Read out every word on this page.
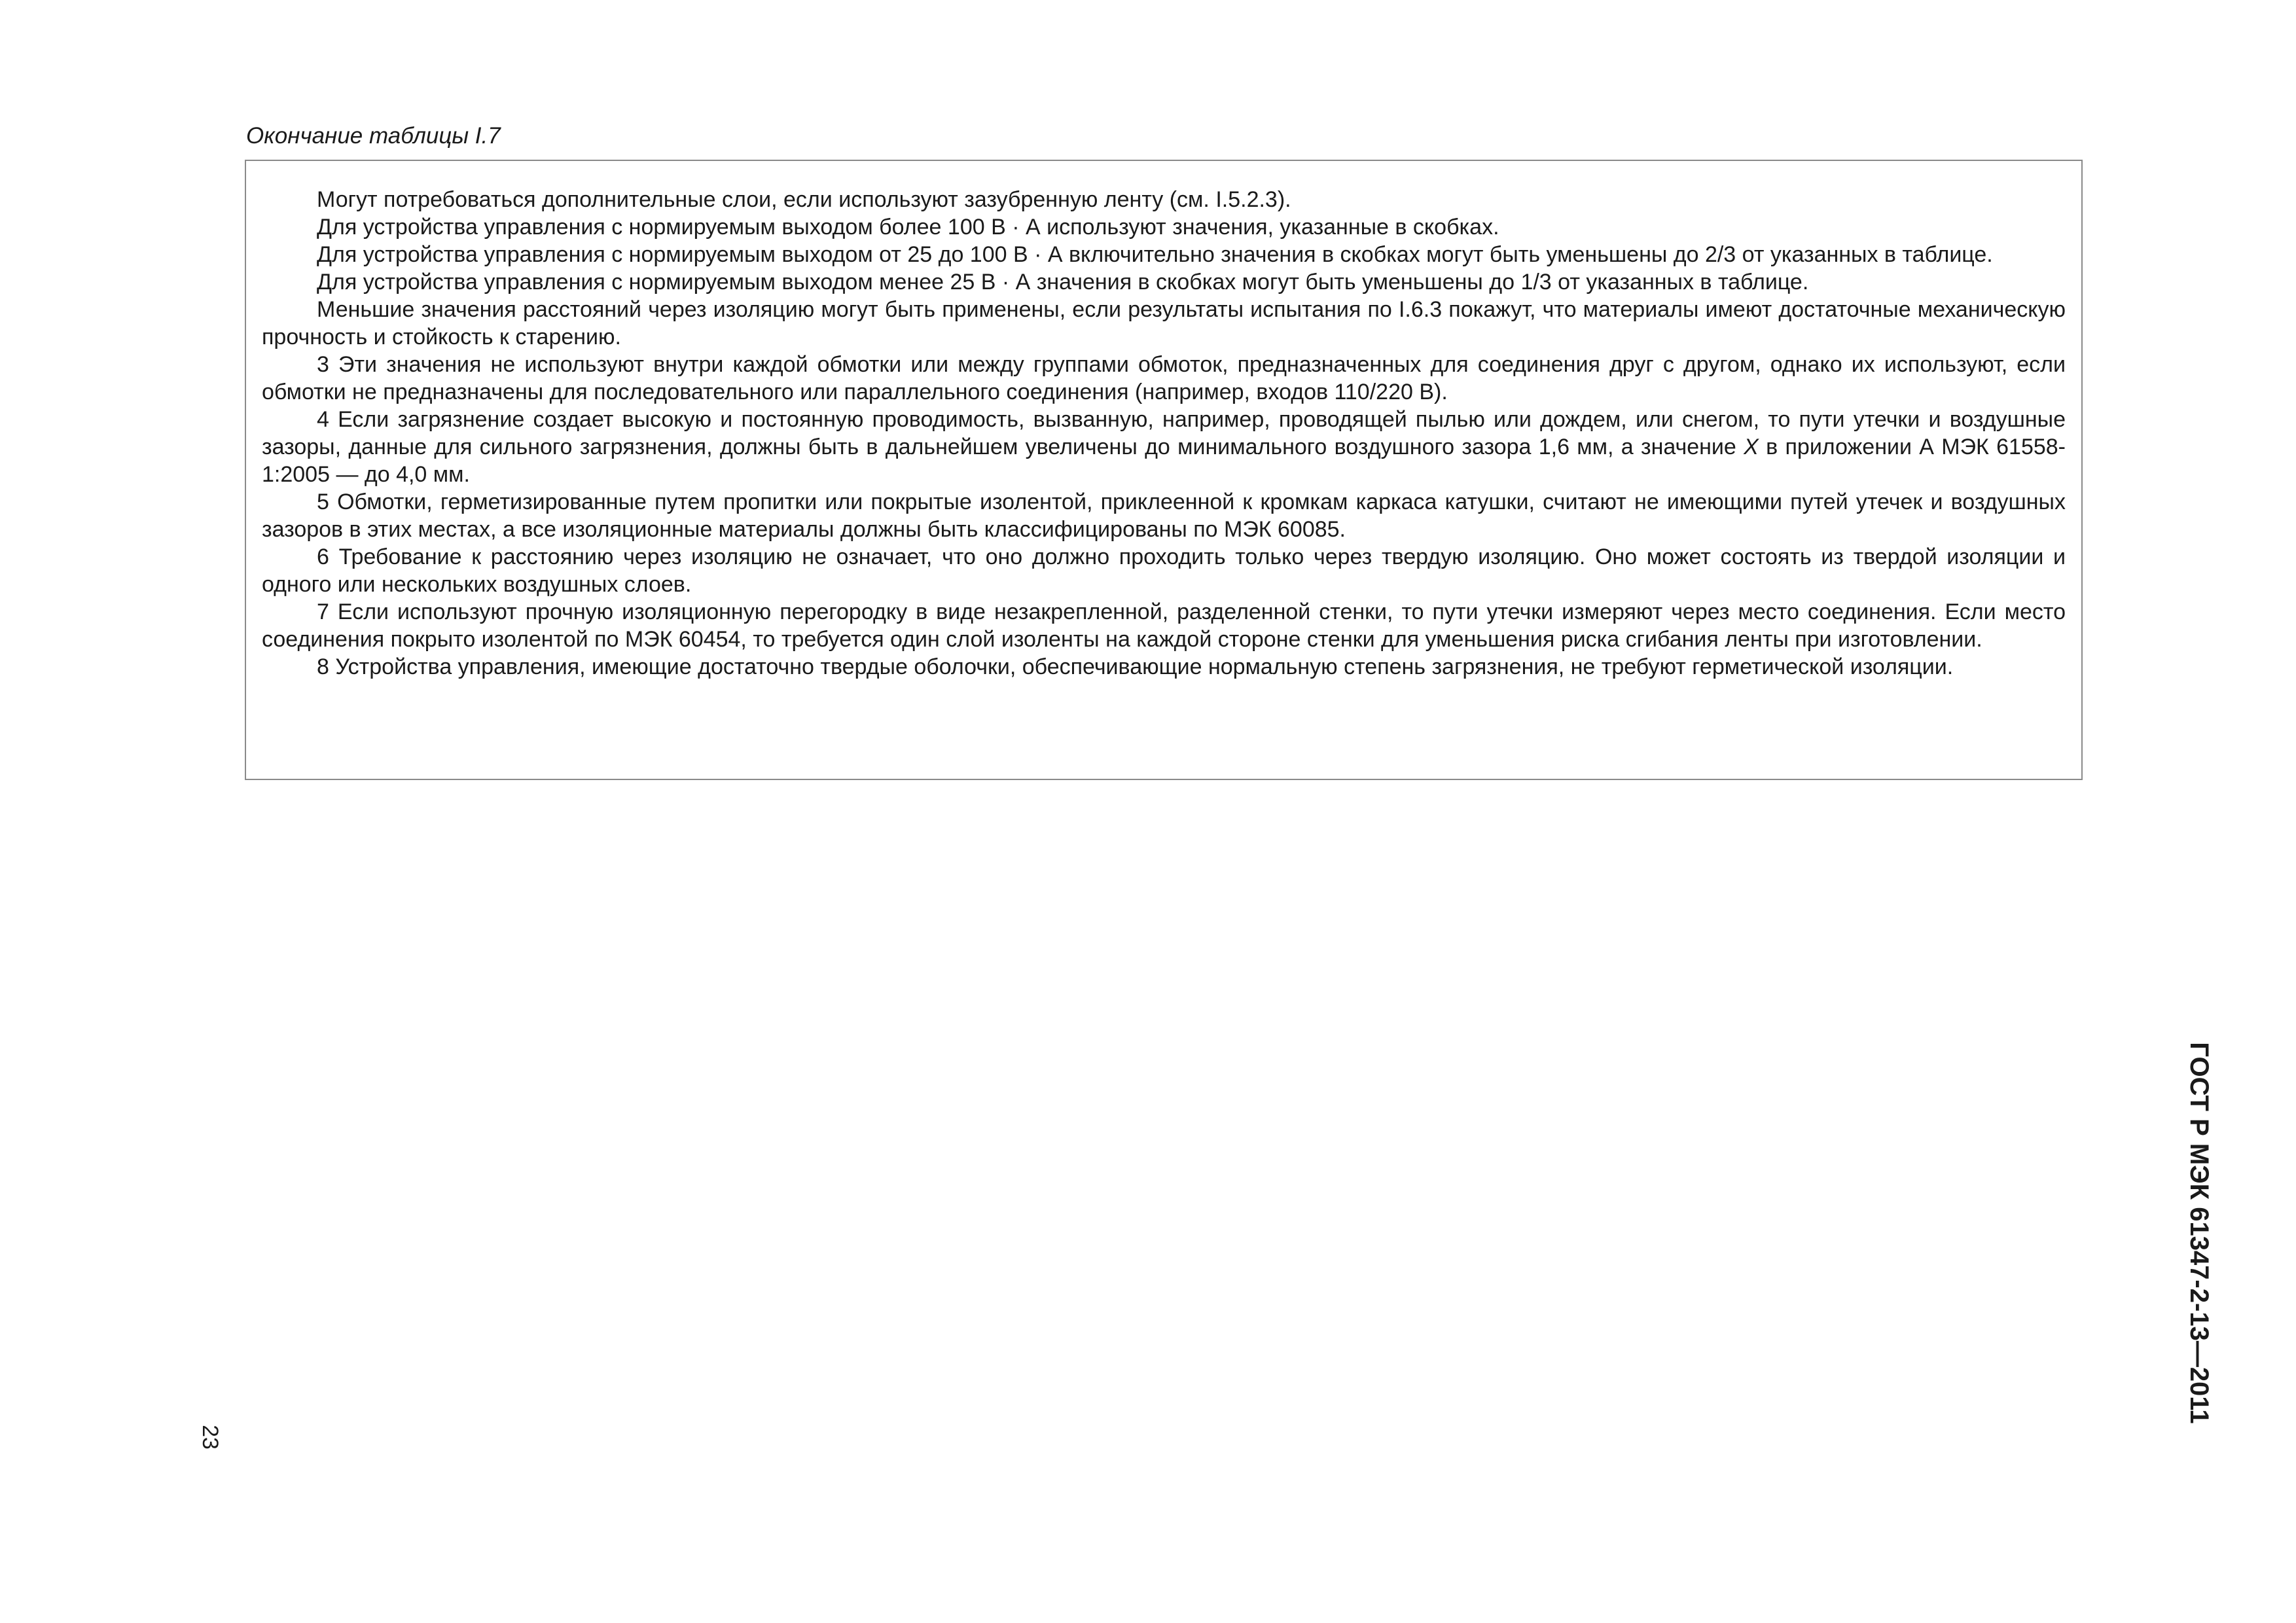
Окончание таблицы I.7

Могут потребоваться дополнительные слои, если используют зазубренную ленту (см. I.5.2.3).

Для устройства управления с нормируемым выходом более 100 В · А используют значения, указанные в скобках.

Для устройства управления с нормируемым выходом от 25 до 100 В · А включительно значения в скобках могут быть уменьшены до 2/3 от указанных в таблице.

Для устройства управления с нормируемым выходом менее 25 В · А значения в скобках могут быть уменьшены до 1/3 от указанных в таблице.

Меньшие значения расстояний через изоляцию могут быть применены, если результаты испытания по I.6.3 покажут, что материалы имеют достаточные механическую прочность и стойкость к старению.

3 Эти значения не используют внутри каждой обмотки или между группами обмоток, предназначенных для соединения друг с другом, однако их используют, если обмотки не предназначены для последовательного или параллельного соединения (например, входов 110/220 В).

4 Если загрязнение создает высокую и постоянную проводимость, вызванную, например, проводящей пылью или дождем, или снегом, то пути утечки и воздушные зазоры, данные для сильного загрязнения, должны быть в дальнейшем увеличены до минимального воздушного зазора 1,6 мм, а значение X в приложении А МЭК 61558-1:2005 — до 4,0 мм.

5 Обмотки, герметизированные путем пропитки или покрытые изолентой, приклеенной к кромкам каркаса катушки, считают не имеющими путей утечек и воздушных зазоров в этих местах, а все изоляционные материалы должны быть классифицированы по МЭК 60085.

6 Требование к расстоянию через изоляцию не означает, что оно должно проходить только через твердую изоляцию. Оно может состоять из твердой изоляции и одного или нескольких воздушных слоев.

7 Если используют прочную изоляционную перегородку в виде незакрепленной, разделенной стенки, то пути утечки измеряют через место соединения. Если место соединения покрыто изолентой по МЭК 60454, то требуется один слой изоленты на каждой стороне стенки для уменьшения риска сгибания ленты при изготовлении.

8 Устройства управления, имеющие достаточно твердые оболочки, обеспечивающие нормальную степень загрязнения, не требуют герметической изоляции.

23
ГОСТ Р МЭК 61347-2-13—2011
